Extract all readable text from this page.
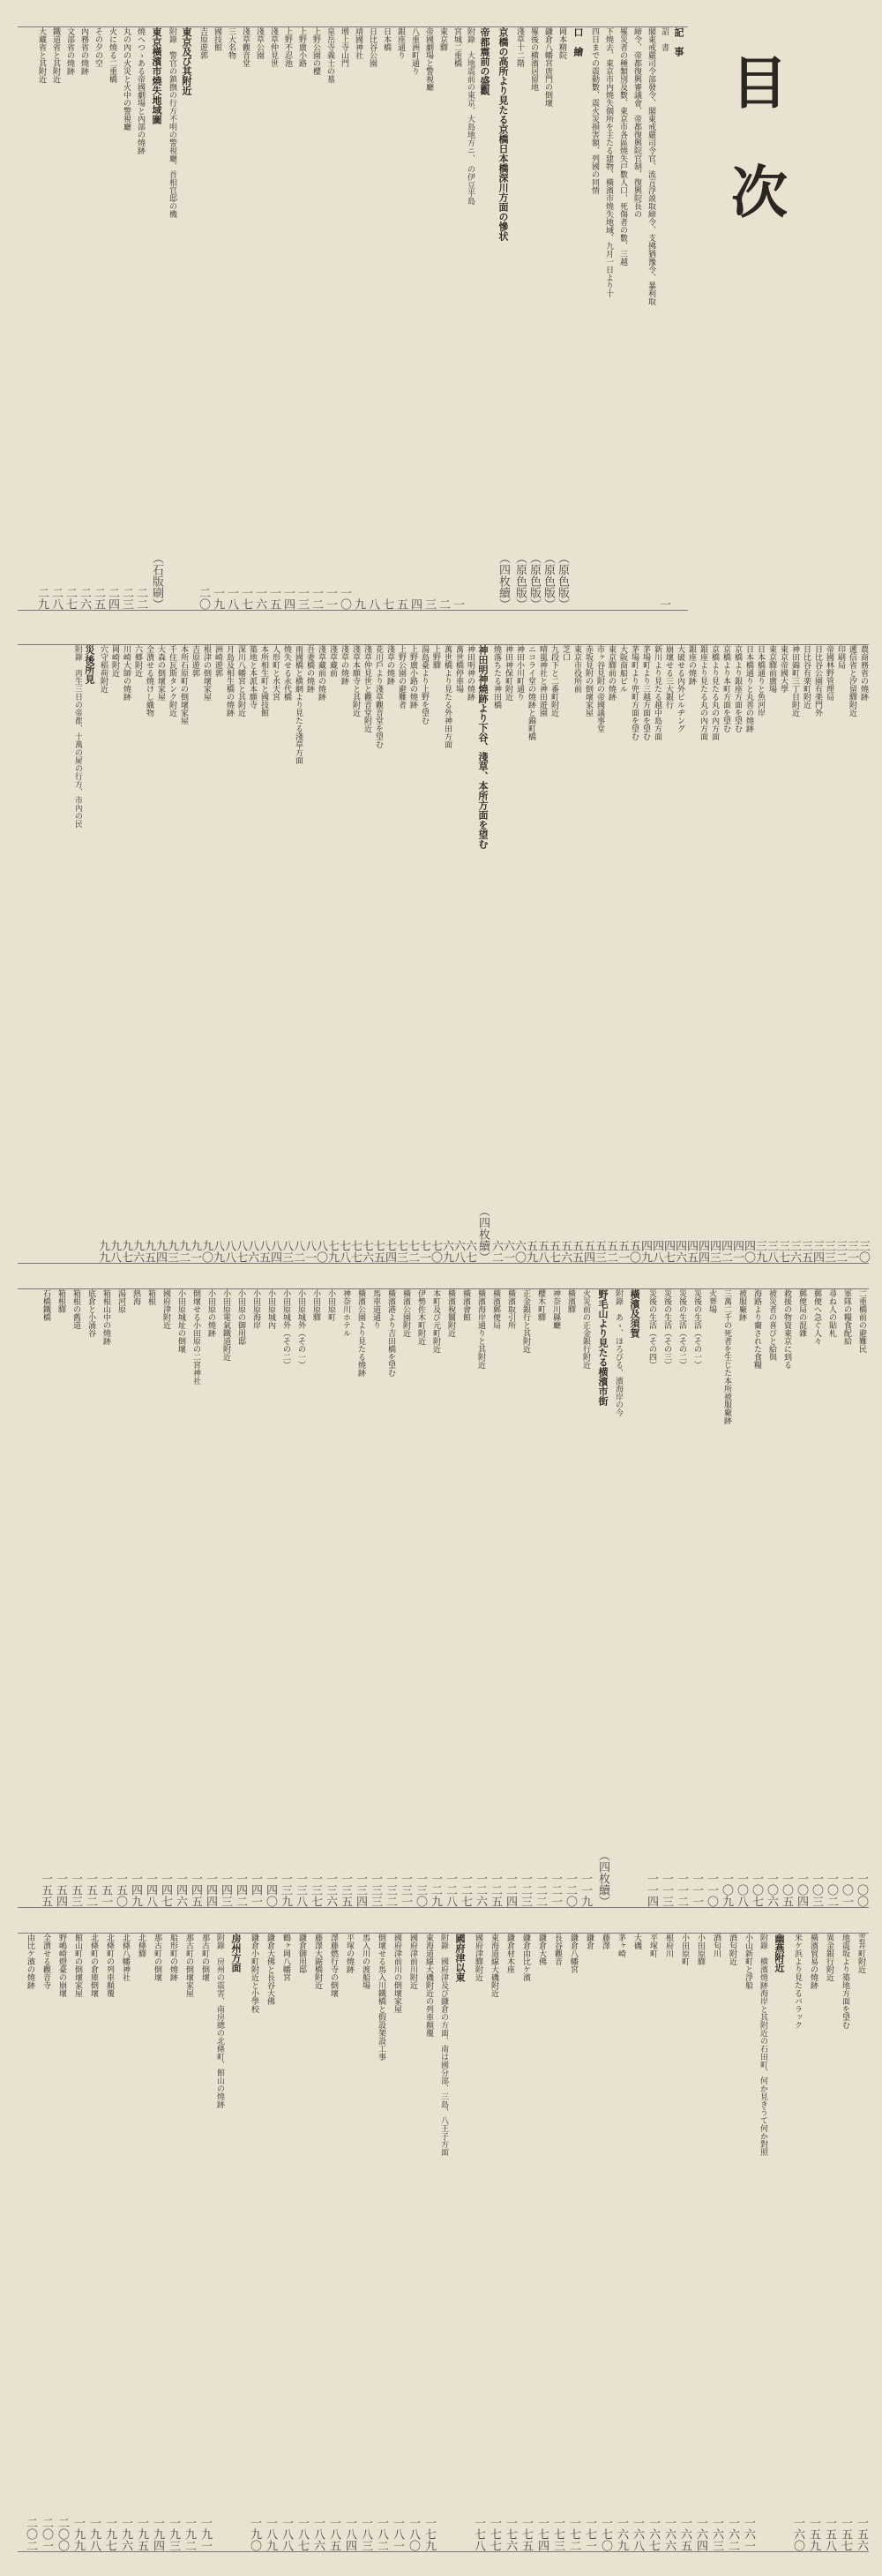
目次
記　事
詔　書
一
閣東戒嚴司令部發令、閣東戒嚴司令官、流言浮説取締令、支拂猶豫令、暴利取
締令、帝都復興審議會、帝都復興院官制、復興院長の
罹災者の種類別及數、東京市各區燒失戸數人口、死傷者の數、三越
下燒去、東京市内燒失個所を主たる建物、橫濱市燒失地域、九月一日より十
四日までの震動數、震火災損害額、列國の同情
口　繪
岡本精院
（原色版）
鎌倉八幡宮唐門の倒壞
（原色版）
罹後の横濱居留地
（原色版）
淺草十二階
（原色版）
京橋の高所より見たる京橋日本橋深川方面の慘状
（四枚續）
帝都震前の盛觀
附錄　大地震前の東京、大島地方ニ、 の伊豆半島
宮城二重橋
一
東京驛
二
帝國劇場と警視廳
三
八重洲町通り
四
銀座通り
五
日本橋
七
日比谷公園
八
靖國神社
九
增上寺山門
一〇
泉岳寺義士の墓
一一
上野公園の櫻
一二
上野廣小路
一三
上野不忍池
一四
淺草仲見世
一五
淺草公園
一六
淺草觀音堂
一七
三大名物
一八
國技館
一九
吉原遊郭
二〇
東京及び其附近
附錄　警官の鎮撫の行方不明の警視廳、首相官邸の機
東京橫濱市燒失地域圖
（石版刷）
燒へつゝある帝國劇場と內部の燒跡
二二
丸の內の火災と火中の警視廳
二三
火に燒る二重橋
二四
その夕の空
二五
內務省の燒跡
二六
文部省の燒跡
二七
鐵道省と其附近
二八
大藏省と其附近
二九
農商務省の燒跡
三〇
遞信省と汐留驛附近
三一
印刷局
三二
帝國林野管理局
三三
日比谷公園有楽門外
三四
日比谷有楽町附近
三五
神田錦町三丁目附近
三六
東京帝國大學
三七
東京驛前廣場
三八
日本橋通りと魚河岸
三九
日本橋通りと丸善の燒跡
四〇
京橋より銀座方面を望む
四一
京橋より本町方面を望む
四二
京橋より見たる丸の內方面
四三
銀座より見たる丸の內方面
四四
銀座の燒跡
四五
大破せる內外ビルヂング
四六
崩壞せる三大銀行
四七
新川より見たる越中島方面
四八
茅場町より三越方面を望む
四九
茅場町より兜町方面を望む
五〇
大阪商船ビル
五一
東京驛前の燒跡
五二
市ヶ谷見附の帝國議事堂
五三
赤坂見附の倒壞家屋
五四
東京市役所前
五五
芝口
五六
九段下と二番町附近
五七
晴嵐神社と神田遊園
五八
ニコライ堂の燒跡と錦町橋
五九
神田小川町通り
六〇
神田神保町附近
六一
燒落ちたる神田橋
六二
神田明神燒跡より下谷、淺草、本所方面を望む
（四枚續）
神田明神の燒跡
六七
萬世橋停車場
六八
萬世橋より見たる外神田方面
六九
上野驛
七〇
湯島臺より上野を望む
七一
上野廣小路の燒跡
七二
上野公園の避難者
七三
淺草の燒跡
七四
花川戶より淺草觀音堂を望む
七五
淺草仲見世と觀音堂附近
七六
淺草本願寺と其附近
七七
淺草の燒跡
七八
淺草藏前
七九
淺草藏前の燒跡
八〇
吾妻橋の燒跡
八一
雨國橋と横網より見たる淺草方面
八二
燒失せる永代橋
八三
人形町と水天宮
八四
本所相生町と國技館
八五
築地と本派本願寺
八六
深川八幡宮と其附近
八七
月島及相生橋の燒跡
八八
洲崎遊郭
八九
根津の倒壞家屋
九〇
吉原遊郭
九一
本所石原町の倒壞家屋
九二
千住瓦斯タンク附近
九三
大森の倒壞家屋
九四
全潰せる燒けし織物
九五
六郷附近
九六
川崎大師の燒跡
九七
岡崎附近
九八
穴守稻荷附近
九九
災後所見
附錄　再生三日の帝都、十萬の屍の行方、市內の民
二重橋前の避難民
一〇〇
軍隊の糧食配給
一〇一
尋ね人の貼札
一〇二
郵便へ急ぐ人々
一〇三
郵便局の混雜
一〇四
救援の物資東京に到る
一〇五
被災者の喜びと給與
一〇六
海路より齎された食糧
一〇七
被服廠跡
一〇八
三萬二千の死者を生じた本所被服廠跡
一〇九
火葬場
一一〇
災後の生活（その一）
一一一
災後の生活（その二）
一一二
災後の生活（その三）
一一三
災後の生活（その四）
一一四
橫濱及須賀
附錄　あゝ、ほろびる、濱海岸の今
野毛山より見たる横濱市街
（四枚續）
火災前の正金銀行附近
一一九
橫濱驛
一二〇
神奈川縣廳
一二一
櫻木町驛
一二二
正金銀行と其附近
一二三
橫濱取引所
一二四
橫濱郵便局
一二五
橫濱海岸通りと其附近
一二六
橫濱會館
一二七
橫濱稅關附近
一二八
本町及び元町附近
一二九
伊勢佐木町附近
一三〇
橫濱公園附近
一三一
橫濱港より吉田橋を望む
一三二
馬車道通り
一三三
橫濱公園より見たる燒跡
一三四
神奈川ホテル
一三五
小田原町
一三六
小田原驛
一三七
小田原城外（その一）
一三八
小田原城外（その二）
一三九
小田原城內
一四〇
小田原海岸
一四一
小田原の御用邸
一四二
小田原電氣鐵道附近
一四三
小田原の燒跡
一四四
倒壞せる小田原の二宮神社
一四五
小田原城址の倒壞
一四六
國府津附近
一四七
箱根
一四八
熱海
一四九
湯河原
一五〇
箱根山中の燒跡
一五一
底倉と小涌谷
一五二
箱根の舊道
一五三
箱根驛
一五四
石橋鐵橋
一五五
雲井町附近
一五六
地震坂より築地方面を望む
一五七
異金銀行附近
一五八
橫濱貿易の燒跡
一五九
米ケ浜より見たるバラック
一六〇
幽燕附近
附錄　横濱燒跡海岸と其附近の石田町、何か見きうて何か對照
小山新町と浮船
一六一
酒匂附近
一六二
酒匂川
一六三
小田原驛
一六四
小田原町
一六五
根府川
一六六
平塚町
一六七
大磯
一六八
茅ヶ崎
一六九
藤澤
一七〇
鎌倉
一七一
鎌倉八幡宮
一七二
長谷觀音
一七三
鎌倉大佛
一七四
鎌倉由比ケ濱
一七五
鎌倉材木座
一七六
東海道線大磯附近
一七七
國府津驛附近
一七八
國府津以東
附錄　國府津及び鎌倉の方面、南は國分部、三島、八王子方面
東海道線大磯附近の列車顛覆
一七九
國府津前川附近
一八〇
國府津前川の倒壞家屋
一八一
倒壞せる馬入川鐵橋と假設架設工事
一八二
馬入川の渡船場
一八三
平塚の燒跡
一八四
澤藤燃行寺の倒壞
一八五
藤澤大鋸橋附近
一八六
鎌倉御用邸
一八七
鶴ヶ岡八幡宮
一八八
鎌倉大佛と長谷大佛
一八九
鎌倉小町附近と小學校
一九〇
房州方面
附錄　房州の震害、南房總の北條町、館山の燒跡
那古町の倒壞
一九一
那古町の倒壞家屋
一九二
船形町の燒跡
一九三
那古町の倒壞
一九四
北條驛
一九五
北條八幡神社
一九六
北條町の列車顛覆
一九七
北條町の倉庫倒壞
一九八
館山町の倒壞家屋
一九九
野嶋崎燈臺の崩壞
二〇〇
全潰せる觀音寺
二〇一
由比ケ濱の燒跡
二〇二
